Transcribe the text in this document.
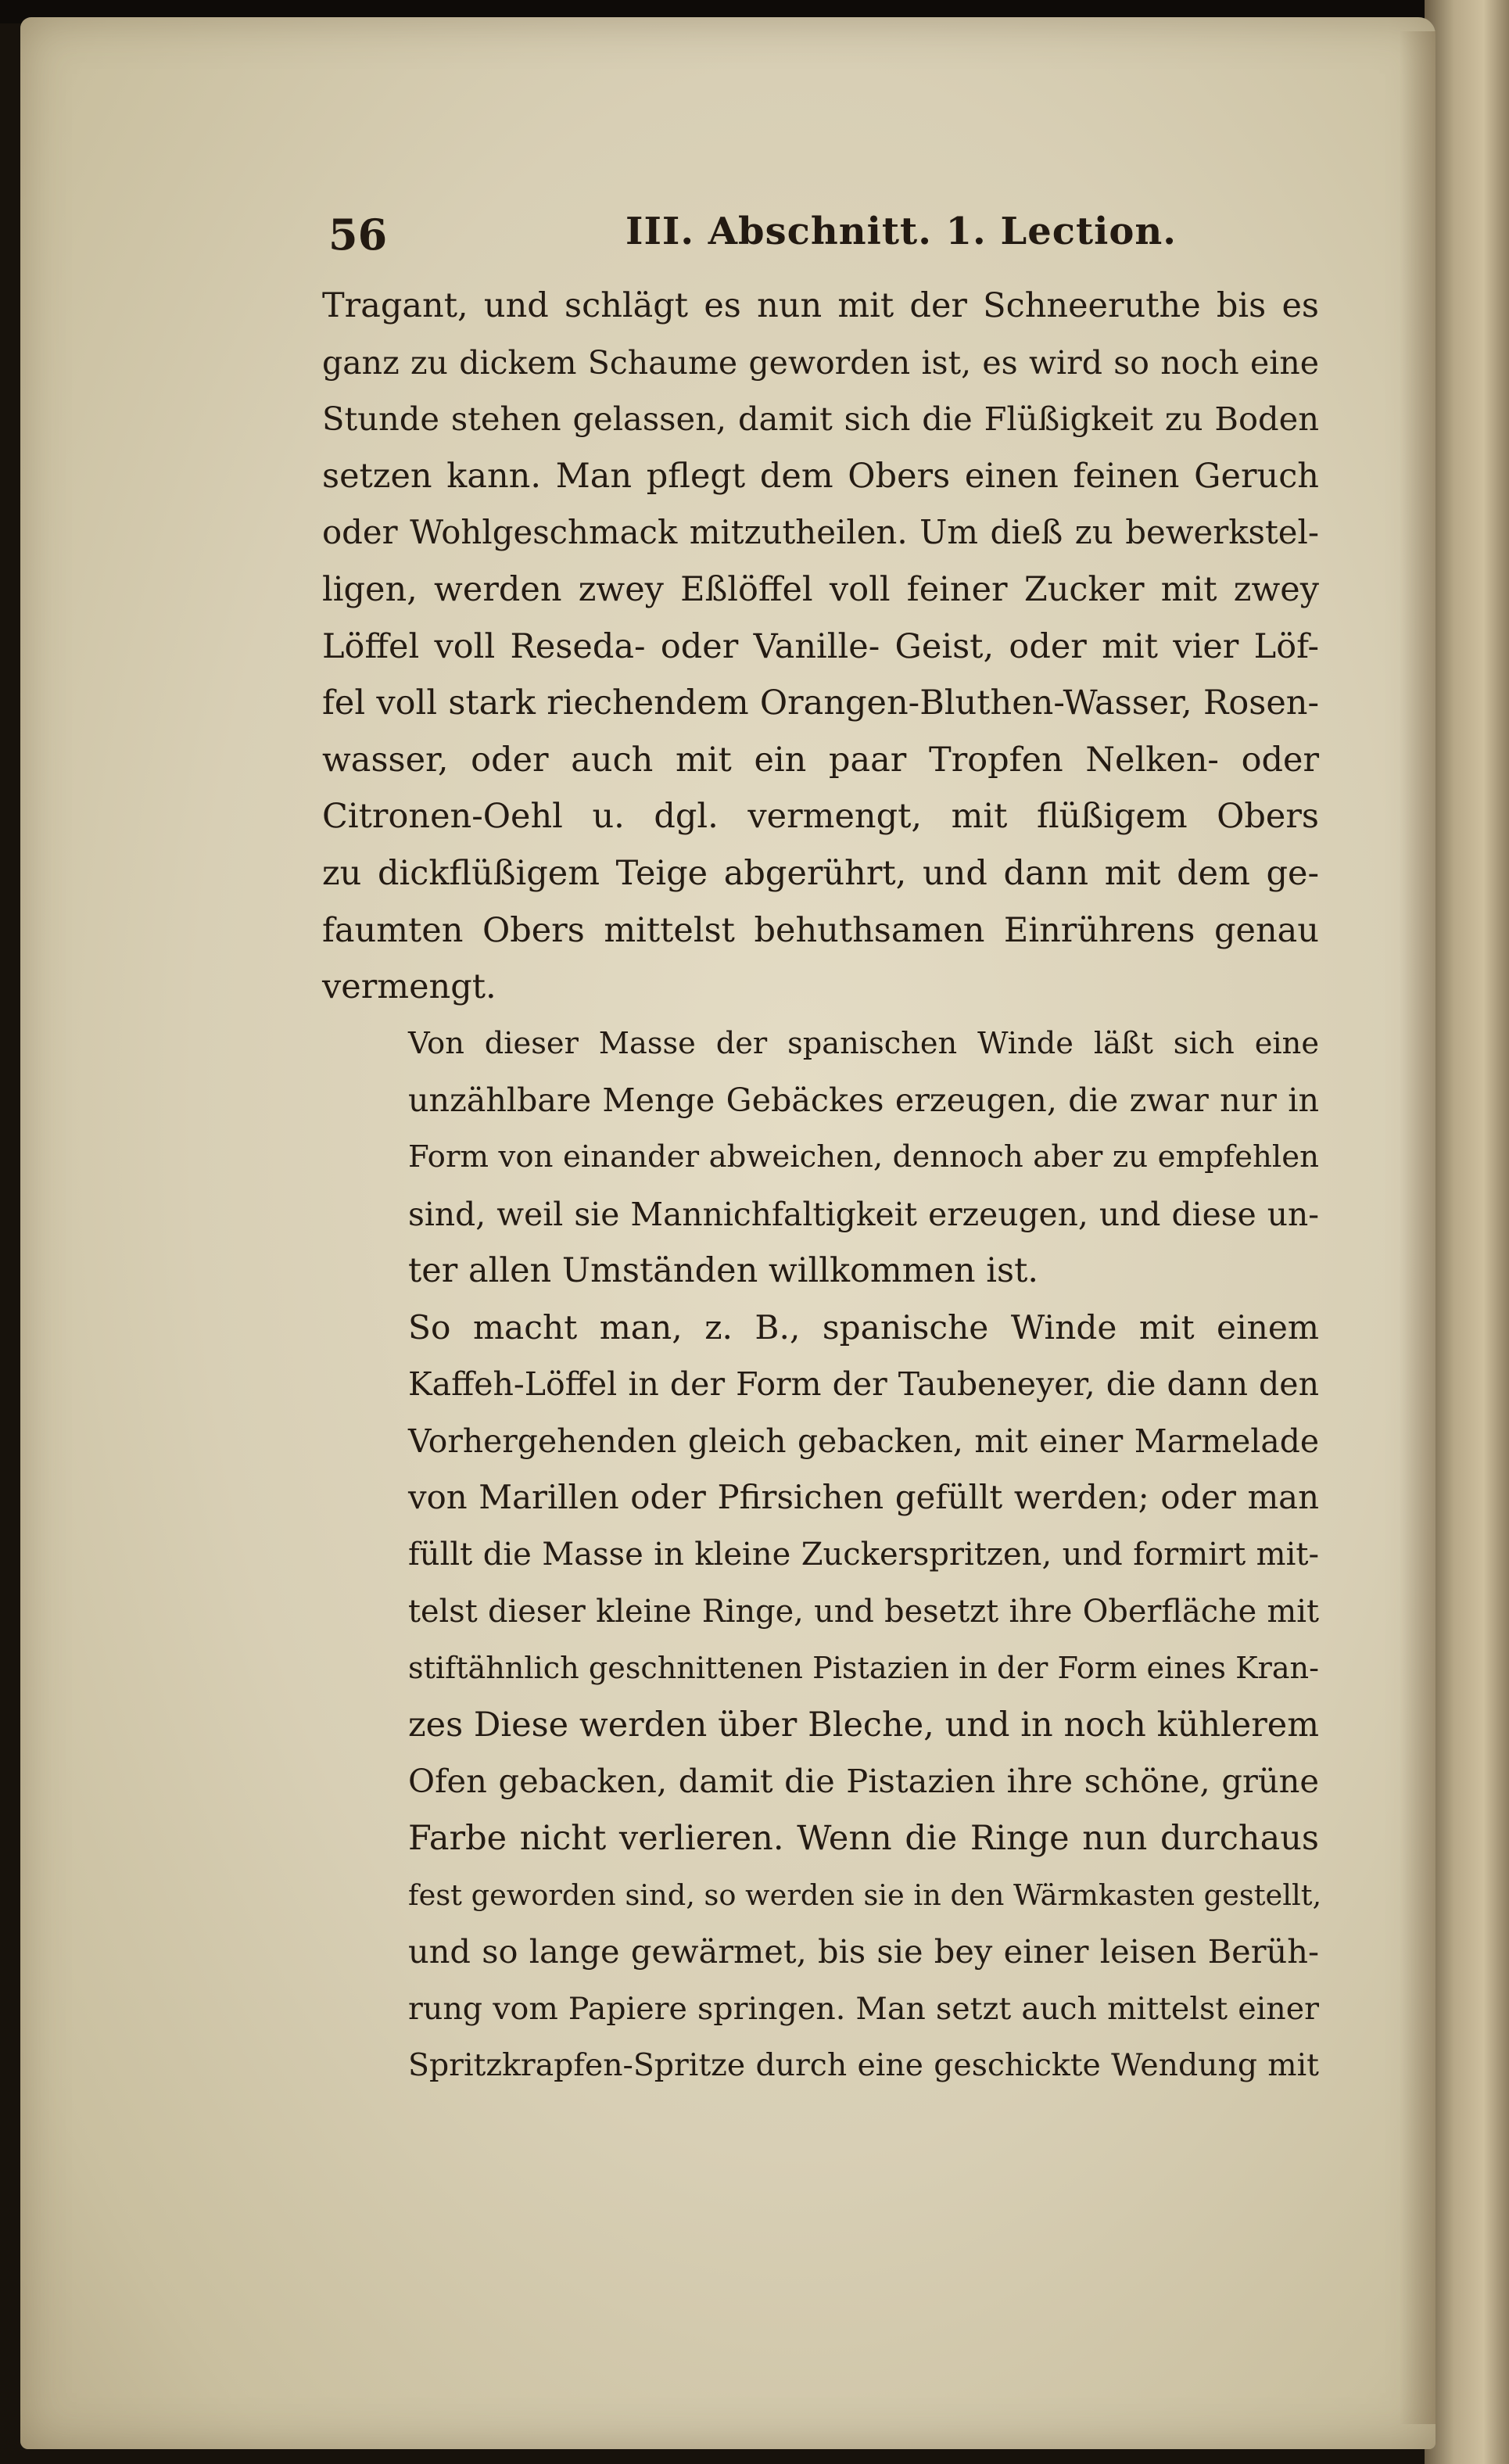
56	III. Abschnitt. 1. Lection.

Tragant, und schlägt es nun mit der Schneeruthe bis es
ganz zu dickem Schaume geworden ist, es wird so noch eine
Stunde stehen gelassen, damit sich die Flüßigkeit zu Boden
setzen kann. Man pflegt dem Obers einen feinen Geruch
oder Wohlgeschmack mitzutheilen. Um dieß zu bewerkstel-
ligen, werden zwey Eßlöffel voll feiner Zucker mit zwey
Löffel voll Reseda- oder Vanille- Geist, oder mit vier Löf-
fel voll stark riechendem Orangen-Bluthen-Wasser, Rosen-
wasser, oder auch mit ein paar Tropfen Nelken- oder
Citronen-Oehl u. dgl. vermengt, mit flüßigem Obers
zu dickflüßigem Teige abgerührt, und dann mit dem ge-
faumten Obers mittelst behuthsamen Einrührens genau
vermengt.

Von dieser Masse der spanischen Winde läßt sich eine
unzählbare Menge Gebäckes erzeugen, die zwar nur in
Form von einander abweichen, dennoch aber zu empfehlen
sind, weil sie Mannichfaltigkeit erzeugen, und diese un-
ter allen Umständen willkommen ist.

So macht man, z. B., spanische Winde mit einem
Kaffeh-Löffel in der Form der Taubeneyer, die dann den
Vorhergehenden gleich gebacken, mit einer Marmelade
von Marillen oder Pfirsichen gefüllt werden; oder man
füllt die Masse in kleine Zuckerspritzen, und formirt mit-
telst dieser kleine Ringe, und besetzt ihre Oberfläche mit
stiftähnlich geschnittenen Pistazien in der Form eines Kran-
zes Diese werden über Bleche, und in noch kühlerem
Ofen gebacken, damit die Pistazien ihre schöne, grüne
Farbe nicht verlieren. Wenn die Ringe nun durchaus
fest geworden sind, so werden sie in den Wärmkasten gestellt,
und so lange gewärmet, bis sie bey einer leisen Berüh-
rung vom Papiere springen. Man setzt auch mittelst einer
Spritzkrapfen-Spritze durch eine geschickte Wendung mit
